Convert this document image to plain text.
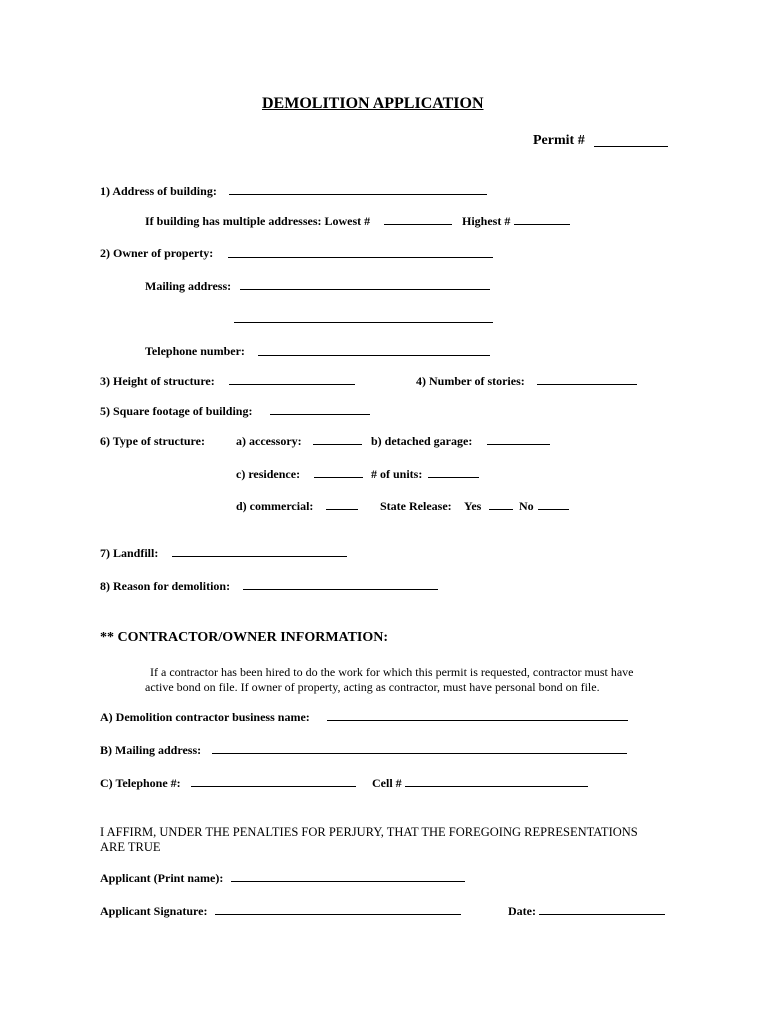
DEMOLITION APPLICATION
Permit #
1) Address of building:
If building has multiple addresses: Lowest #	Highest #
2) Owner of property:
Mailing address:
Telephone number:
3) Height of structure:	4) Number of stories:
5) Square footage of building:
6) Type of structure:	a) accessory:	b) detached garage:
c) residence:	# of units:
d) commercial:	State Release: Yes	No
7) Landfill:
8) Reason for demolition:
** CONTRACTOR/OWNER INFORMATION:
If a contractor has been hired to do the work for which this permit is requested, contractor must have
active bond on file. If owner of property, acting as contractor, must have personal bond on file.
A) Demolition contractor business name:
B) Mailing address:
C) Telephone #:	Cell #
I AFFIRM, UNDER THE PENALTIES FOR PERJURY, THAT THE FOREGOING REPRESENTATIONS
ARE TRUE
Applicant (Print name):
Applicant Signature:	Date:
